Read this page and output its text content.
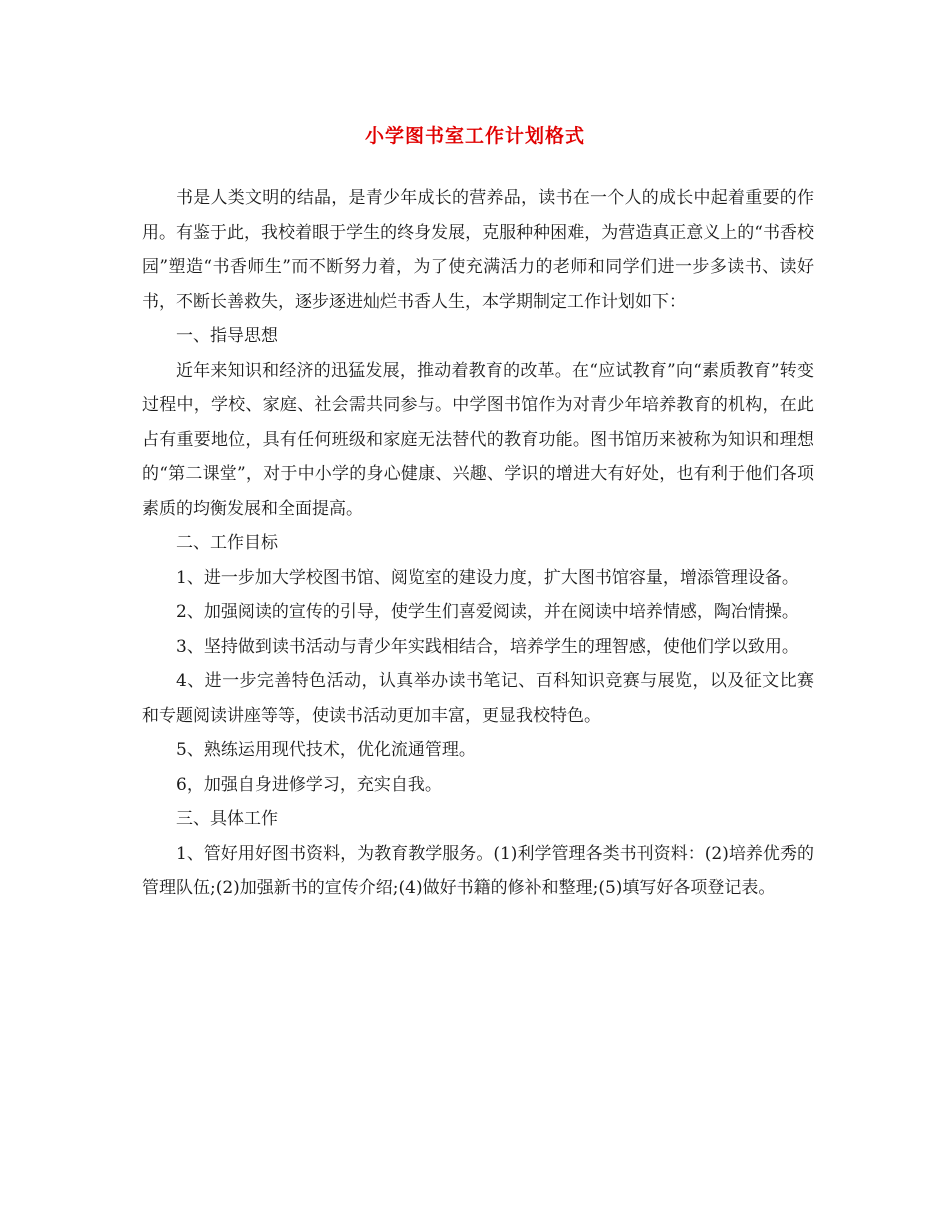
小学图书室工作计划格式

书是人类文明的结晶，是青少年成长的营养品，读书在一个人的成长中起着重要的作用。有鉴于此，我校着眼于学生的终身发展，克服种种困难，为营造真正意义上的“书香校园”塑造“书香师生”而不断努力着，为了使充满活力的老师和同学们进一步多读书、读好书，不断长善救失，逐步逐进灿烂书香人生，本学期制定工作计划如下：

一、指导思想

近年来知识和经济的迅猛发展，推动着教育的改革。在“应试教育”向“素质教育”转变过程中，学校、家庭、社会需共同参与。中学图书馆作为对青少年培养教育的机构，在此占有重要地位，具有任何班级和家庭无法替代的教育功能。图书馆历来被称为知识和理想的“第二课堂”，对于中小学的身心健康、兴趣、学识的增进大有好处，也有利于他们各项素质的均衡发展和全面提高。

二、工作目标

1、进一步加大学校图书馆、阅览室的建设力度，扩大图书馆容量，增添管理设备。

2、加强阅读的宣传的引导，使学生们喜爱阅读，并在阅读中培养情感，陶冶情操。

3、坚持做到读书活动与青少年实践相结合，培养学生的理智感，使他们学以致用。

4、进一步完善特色活动，认真举办读书笔记、百科知识竞赛与展览，以及征文比赛和专题阅读讲座等等，使读书活动更加丰富，更显我校特色。

5、熟练运用现代技术，优化流通管理。

6，加强自身进修学习，充实自我。

三、具体工作

1、管好用好图书资料，为教育教学服务。(1)利学管理各类书刊资料：(2)培养优秀的管理队伍;(2)加强新书的宣传介绍;(4)做好书籍的修补和整理;(5)填写好各项登记表。
